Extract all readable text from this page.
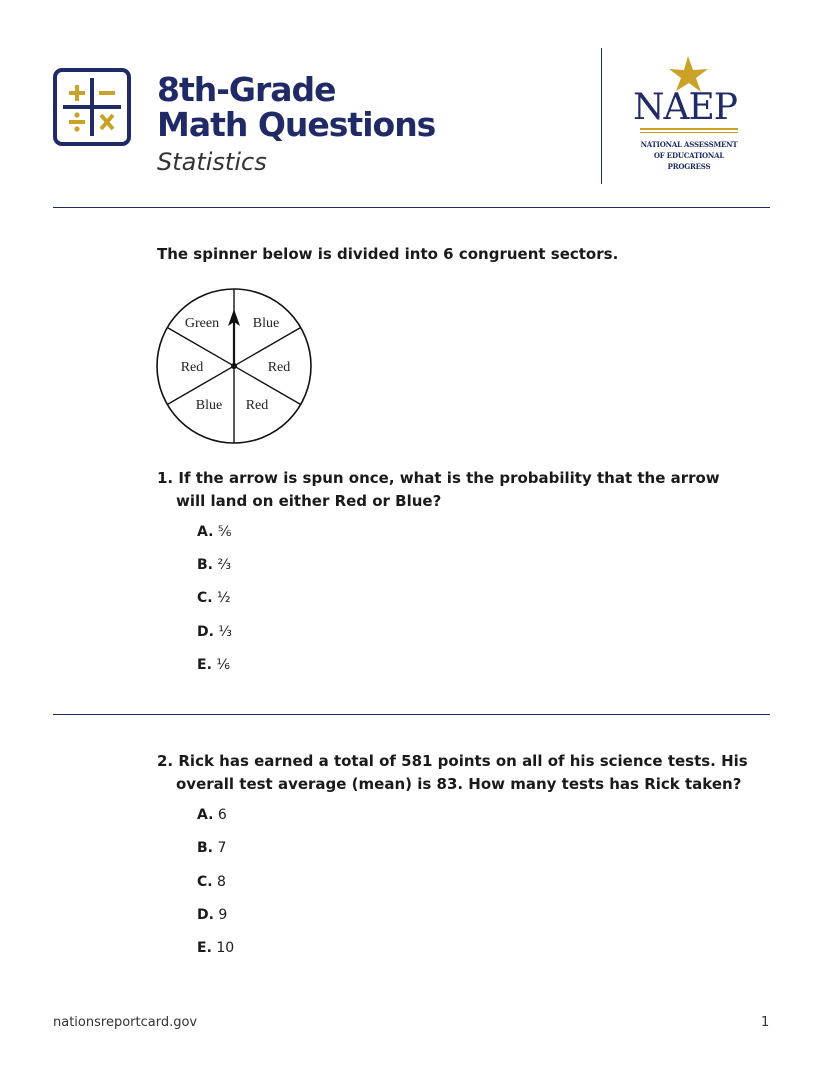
8th-Grade
Math Questions
Statistics
NAEP
NATIONAL ASSESSMENT
OF EDUCATIONAL
PROGRESS
The spinner below is divided into 6 congruent sectors.
Green Blue
Red
Red
Blue
Red
1. If the arrow is spun once, what is the probability that the arrow
will land on either Red or Blue?
A. ⅚
B. ⅔
C. ½
D. ⅓
E. ⅙
2. Rick has earned a total of 581 points on all of his science tests. His
overall test average (mean) is 83. How many tests has Rick taken?
A. 6
B. 7
C. 8
D. 9
E. 10
nationsreportcard.gov	1
